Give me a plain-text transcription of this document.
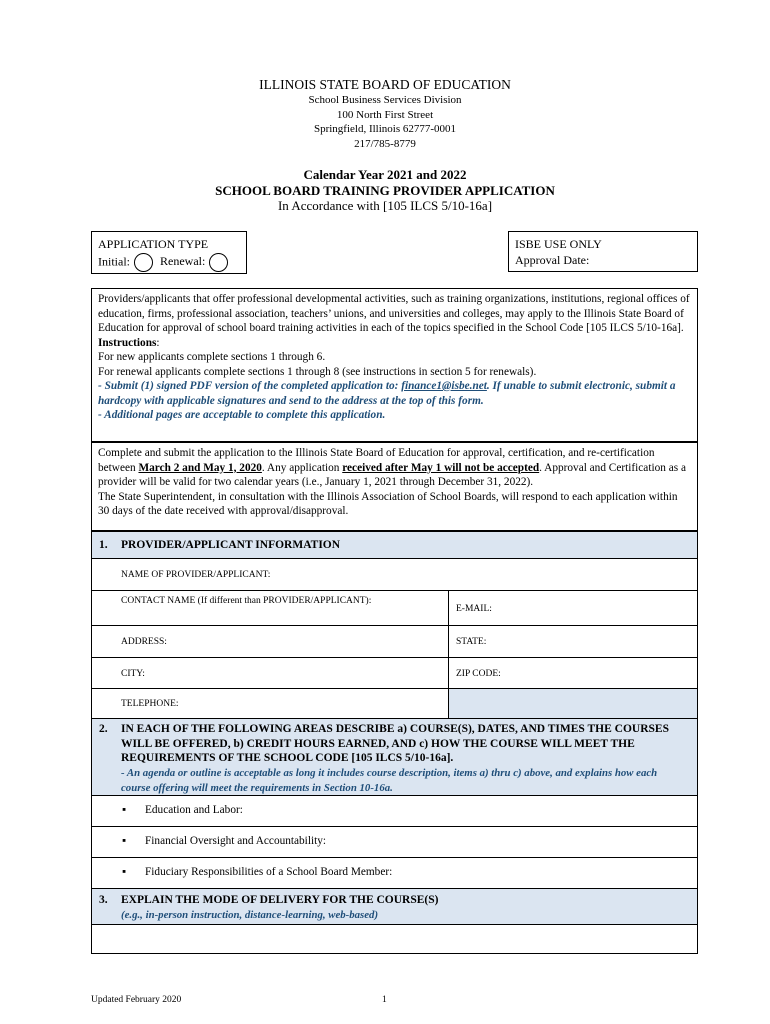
ILLINOIS STATE BOARD OF EDUCATION
School Business Services Division
100 North First Street
Springfield, Illinois 62777-0001
217/785-8779
Calendar Year 2021 and 2022
SCHOOL BOARD TRAINING PROVIDER APPLICATION
In Accordance with [105 ILCS 5/10-16a]
APPLICATION TYPE
Initial:	Renewal:
ISBE USE ONLY
Approval Date:
Providers/applicants that offer professional developmental activities, such as training organizations, institutions, regional offices of education, firms, professional association, teachers’ unions, and universities and colleges, may apply to the Illinois State Board of Education for approval of school board training activities in each of the topics specified in the School Code [105 ILCS 5/10-16a].
Instructions:
For new applicants complete sections 1 through 6.
For renewal applicants complete sections 1 through 8 (see instructions in section 5 for renewals).
- Submit (1) signed PDF version of the completed application to: finance1@isbe.net. If unable to submit electronic, submit a hardcopy with applicable signatures and send to the address at the top of this form.
- Additional pages are acceptable to complete this application.
Complete and submit the application to the Illinois State Board of Education for approval, certification, and re-certification between March 2 and May 1, 2020. Any application received after May 1 will not be accepted. Approval and Certification as a provider will be valid for two calendar years (i.e., January 1, 2021 through December 31, 2022).
The State Superintendent, in consultation with the Illinois Association of School Boards, will respond to each application within 30 days of the date received with approval/disapproval.
1. PROVIDER/APPLICANT INFORMATION
NAME OF PROVIDER/APPLICANT:
CONTACT NAME (If different than PROVIDER/APPLICANT):
E-MAIL:
ADDRESS:	STATE:
CITY:	ZIP CODE:
TELEPHONE:
2. IN EACH OF THE FOLLOWING AREAS DESCRIBE a) COURSE(S), DATES, AND TIMES THE COURSES WILL BE OFFERED, b) CREDIT HOURS EARNED, AND c) HOW THE COURSE WILL MEET THE REQUIREMENTS OF THE SCHOOL CODE [105 ILCS 5/10-16a].
- An agenda or outline is acceptable as long it includes course description, items a) thru c) above, and explains how each course offering will meet the requirements in Section 10-16a.
▪ Education and Labor:
▪ Financial Oversight and Accountability:
▪ Fiduciary Responsibilities of a School Board Member:
3. EXPLAIN THE MODE OF DELIVERY FOR THE COURSE(S)
(e.g., in-person instruction, distance-learning, web-based)
Updated February 2020	1
